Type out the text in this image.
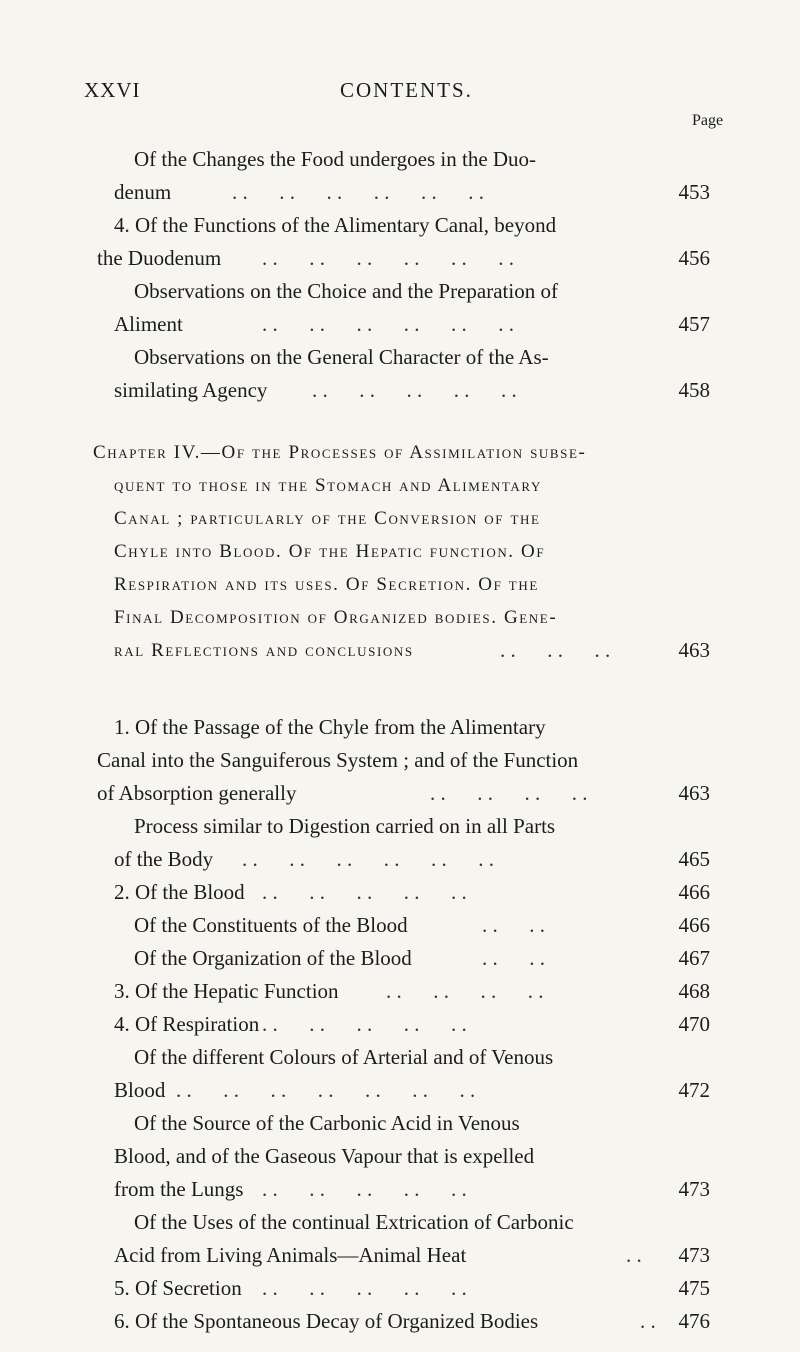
XXVI	CONTENTS.
Page
Of the Changes the Food undergoes in the Duo-
denum	. .      . .      . .      . .      . .      . .	453
4. Of the Functions of the Alimentary Canal, beyond
the Duodenum . .      . .      . .      . .      . .      . .	456
Observations on the Choice and the Preparation of
Aliment	. .      . .      . .      . .      . .      . .	457
Observations on the General Character of the As-
similating Agency . .      . .      . .      . .      . .	458
Chapter IV.—Of the Processes of Assimilation subse-
quent to those in the Stomach and Alimentary
Canal ; particularly of the Conversion of the
Chyle into Blood. Of the Hepatic function. Of
Respiration and its uses. Of Secretion. Of the
Final Decomposition of Organized bodies. Gene-
ral Reflections and conclusions	. .      . .      . .	463
1. Of the Passage of the Chyle from the Alimentary
Canal into the Sanguiferous System ; and of the Function
of Absorption generally	. .      . .      . .      . .	463
Process similar to Digestion carried on in all Parts
of the Body . .      . .      . .      . .      . .      . .	465
2. Of the Blood . .      . .      . .      . .      . .	466
Of the Constituents of the Blood	. .      . .	466
Of the Organization of the Blood	. .      . .	467
3. Of the Hepatic Function . .      . .      . .      . .	468
4. Of Respiration . .      . .      . .      . .      . .	470
Of the different Colours of Arterial and of Venous
Blood . .      . .      . .      . .      . .      . .      . .	472
Of the Source of the Carbonic Acid in Venous
Blood, and of the Gaseous Vapour that is expelled
from the Lungs . .      . .      . .      . .      . .	473
Of the Uses of the continual Extrication of Carbonic
Acid from Living Animals—Animal Heat	. . 473
5. Of Secretion . .      . .      . .      . .      . .	475
6. Of the Spontaneous Decay of Organized Bodies	. . 476
